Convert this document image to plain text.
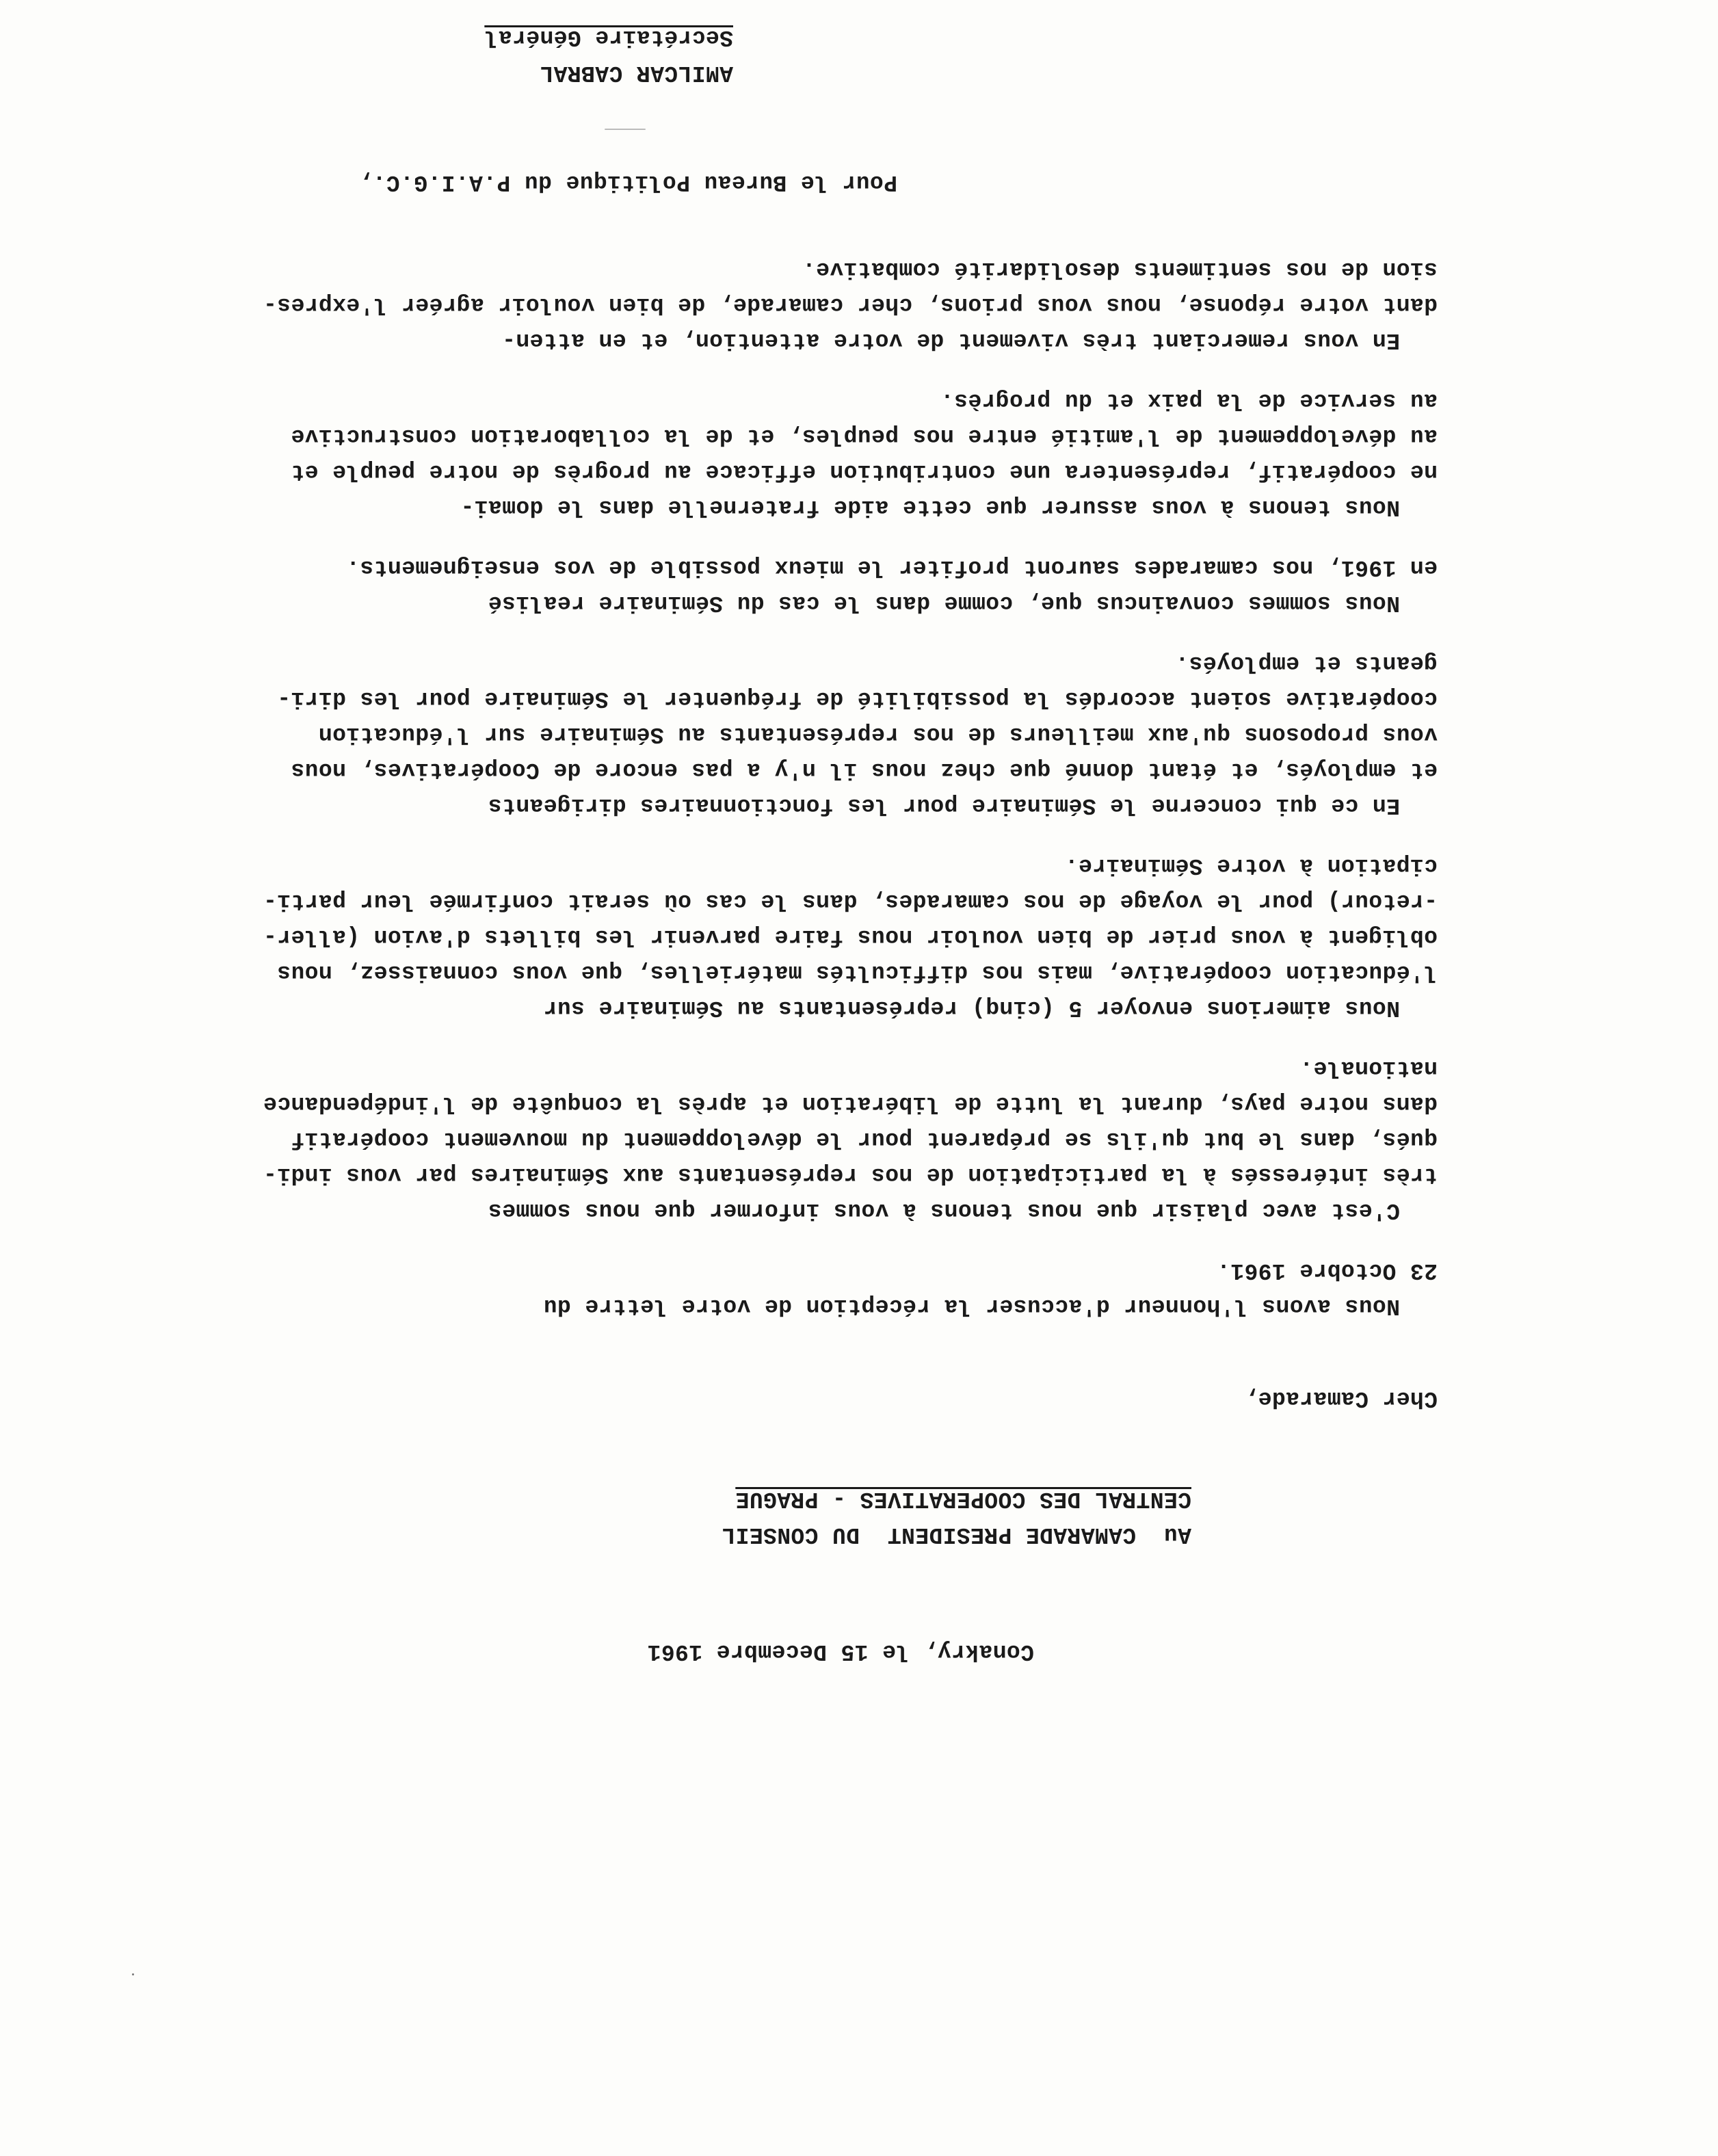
Conakry, le 15 Decembre 1961
Au  CAMARADE PRESIDENT  DU CONSEIL
CENTRAL DES COOPERATIVES - PRAGUE
Cher Camarade,
Nous avons l'honneur d'accuser la réception de votre lettre du
23 Octobre 1961.
C'est avec plaisir que nous tenons à vous informer que nous sommes
très intéressés à la participation de nos représentants aux Séminaires par vous indi-
qués, dans le but qu'ils se préparent pour le développement du mouvement coopératif
dans notre pays, durant la lutte de libération et après la conquête de l'indépendance
nationale.
Nous aimerions envoyer 5 (cinq) représentants au Séminaire sur
l'éducation coopérative, mais nos difficultés matérielles, que vous connaissez, nous
obligent à vous prier de bien vouloir nous faire parvenir les billets d'avion (aller-
-retour) pour le voyage de nos camarades, dans le cas où serait confirmée leur parti-
cipation à votre Séminaire.
En ce qui concerne le Séminaire pour les fonctionnaires dirigeants
et employés, et étant donné que chez nous il n'y a pas encore de Coopératives, nous
vous proposons qu'aux meilleurs de nos représentants au Séminaire sur l'éducation
coopérative soient accordés la possibilité de fréquenter le Séminaire pour les diri-
geants et employés.
Nous sommes convaincus que, comme dans le cas du Séminaire realisé
en 1961, nos camarades sauront profiter le mieux possible de vos enseignements.
Nous tenons à vous assurer que cette aide fraternelle dans le domai-
ne coopératif, représentera une contribution efficace au progrès de notre peuple et
au développement de l'amitié entre nos peuples, et de la collaboration constructive
au service de la paix et du progrès.
En vous remerciant très vivement de votre attention, et en atten-
dant votre réponse, nous vous prions, cher camarade, de bien vouloir agréer l'expres-
sion de nos sentiments desolidarité combative.
Pour le Bureau Politique du P.A.I.G.C.,
AMILCAR CABRAL
Secrétaire Général
